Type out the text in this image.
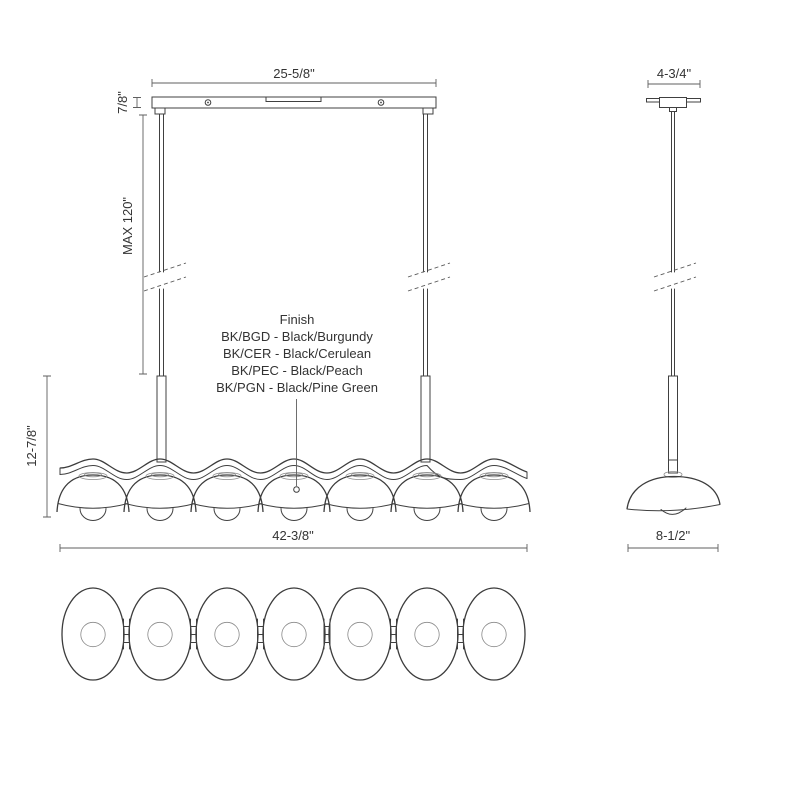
25-5/8"
7/8"
MAX 120"
12-7/8"
42-3/8"
Finish
BK/BGD - Black/Burgundy
BK/CER - Black/Cerulean
BK/PEC - Black/Peach
BK/PGN - Black/Pine Green
4-3/4"
8-1/2"
